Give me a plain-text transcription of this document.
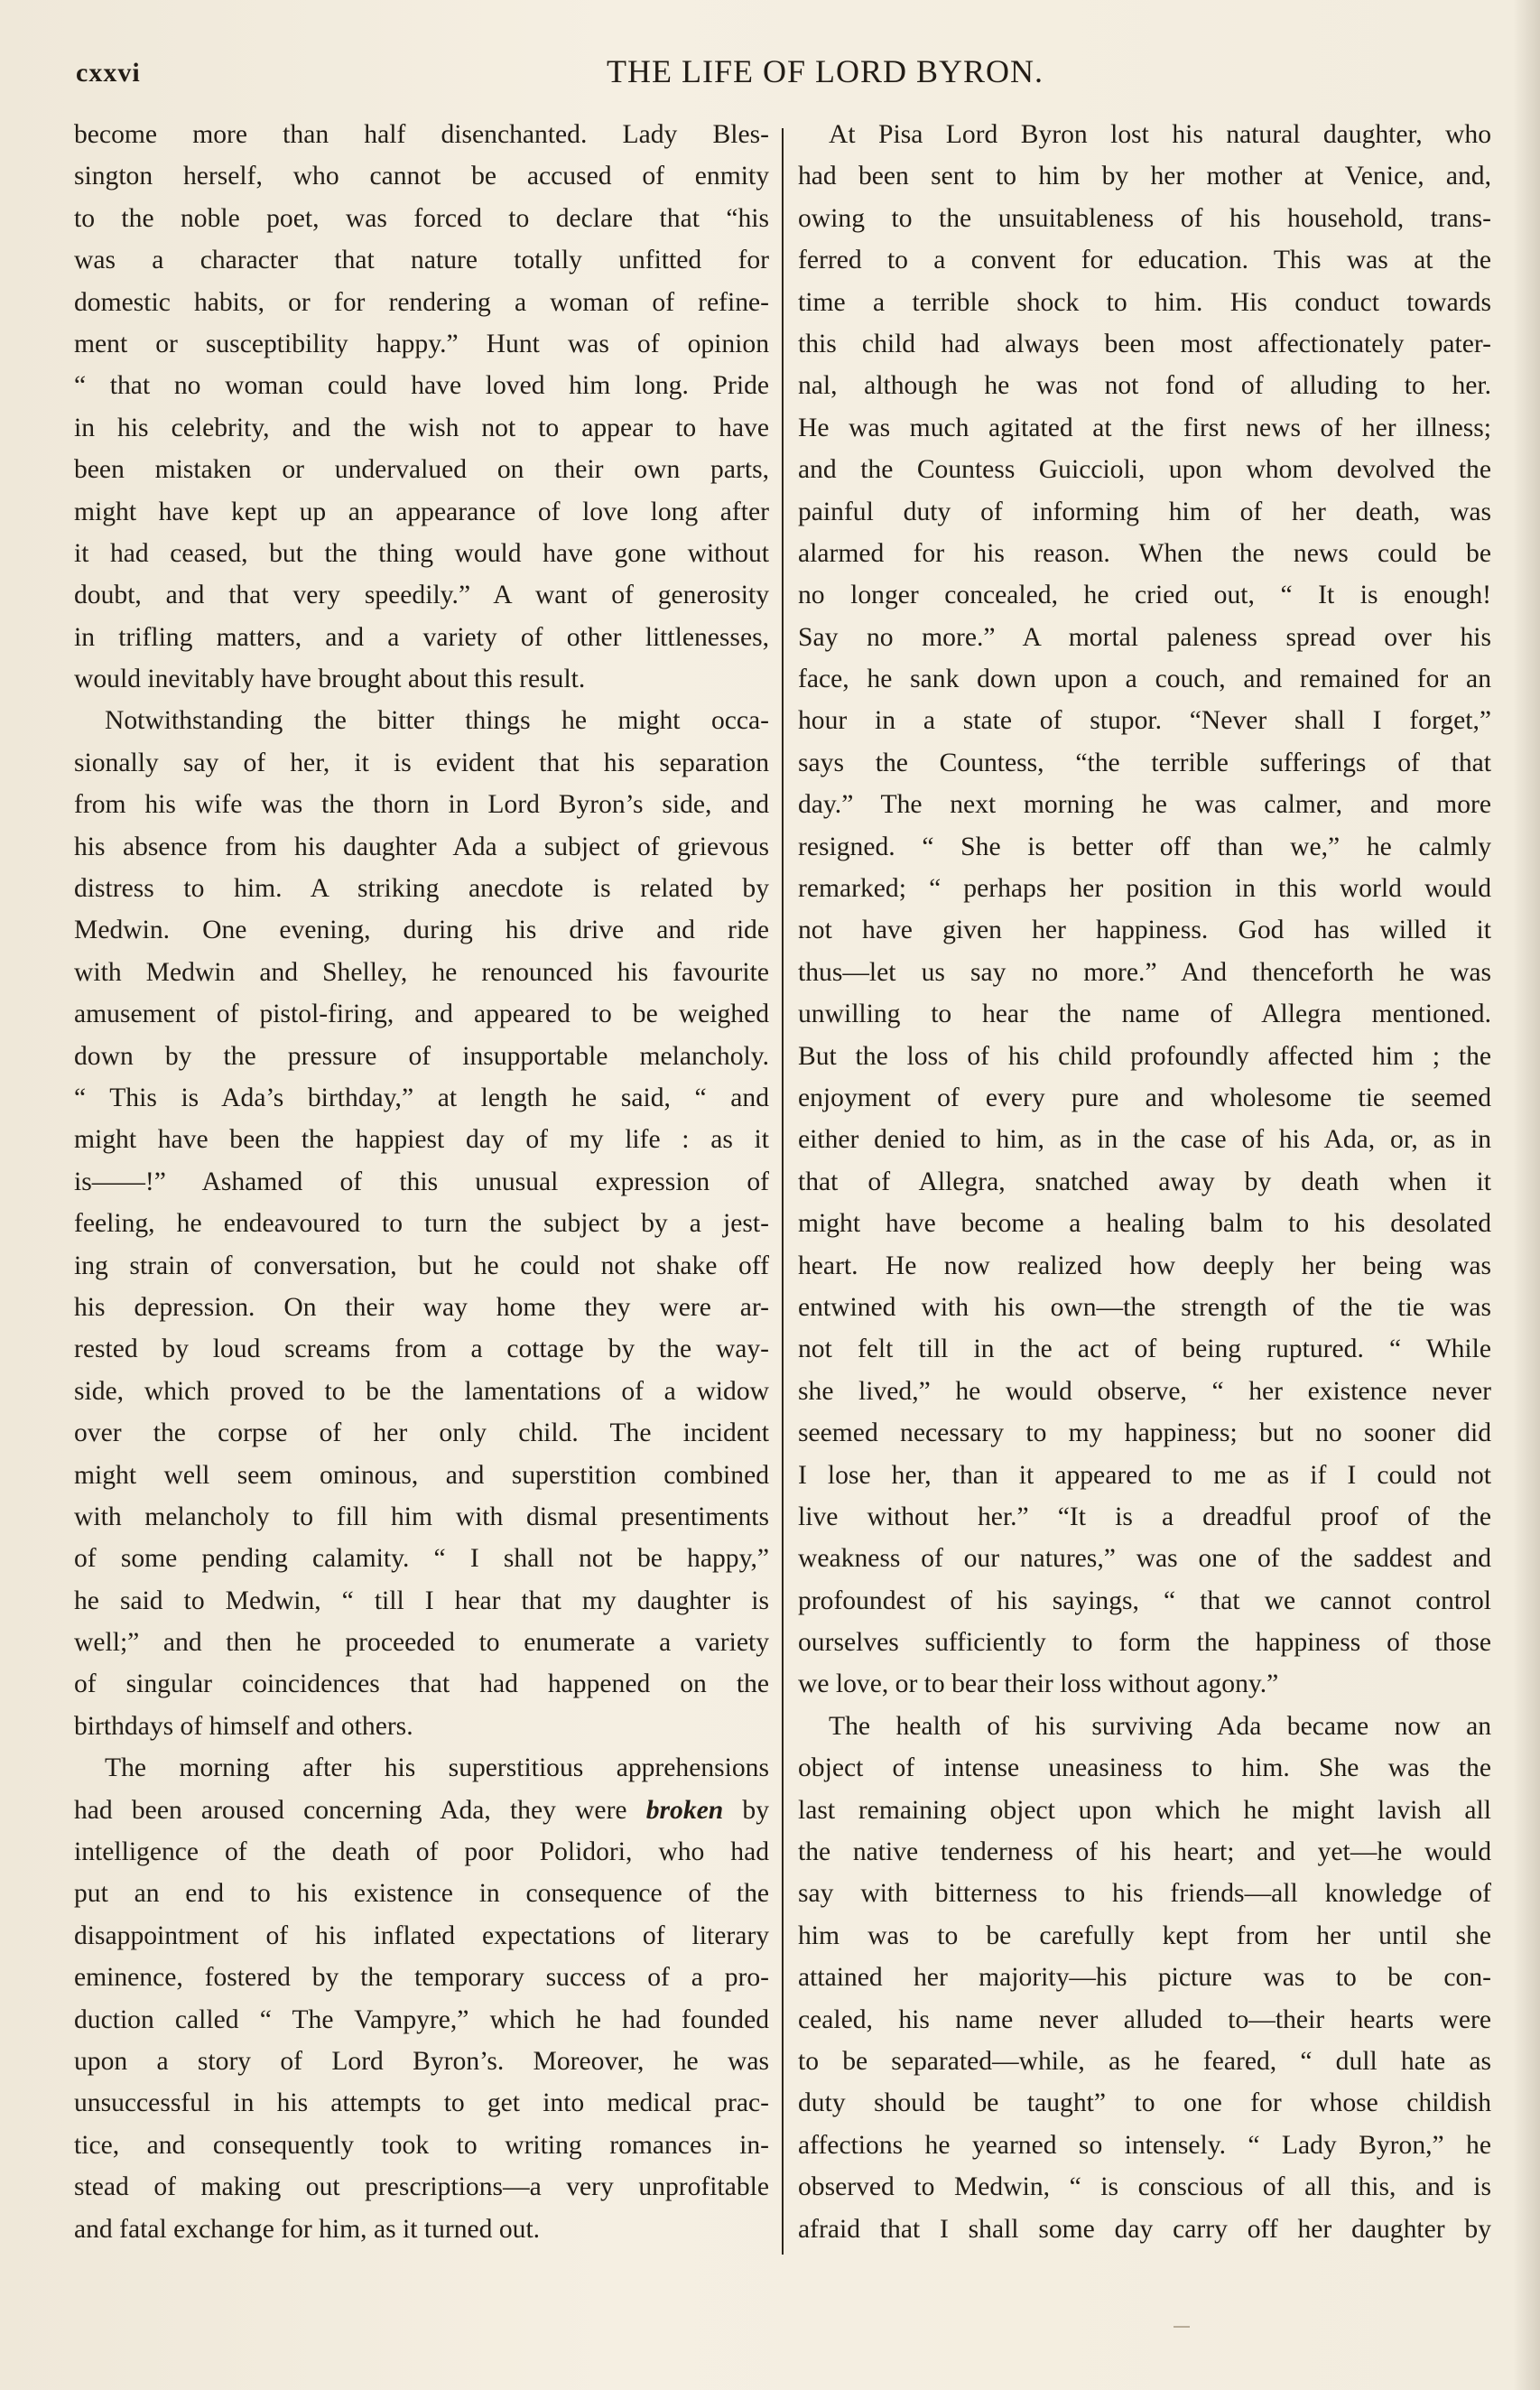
cxxvi	THE LIFE OF LORD BYRON.
become more than half disenchanted. Lady Bles-
sington herself, who cannot be accused of enmity
to the noble poet, was forced to declare that “his
was a character that nature totally unfitted for
domestic habits, or for rendering a woman of refine-
ment or susceptibility happy.” Hunt was of opinion
“ that no woman could have loved him long. Pride
in his celebrity, and the wish not to appear to have
been mistaken or undervalued on their own parts,
might have kept up an appearance of love long after
it had ceased, but the thing would have gone without
doubt, and that very speedily.” A want of generosity
in trifling matters, and a variety of other littlenesses,
would inevitably have brought about this result.
Notwithstanding the bitter things he might occa-
sionally say of her, it is evident that his separation
from his wife was the thorn in Lord Byron’s side, and
his absence from his daughter Ada a subject of grievous
distress to him. A striking anecdote is related by
Medwin. One evening, during his drive and ride
with Medwin and Shelley, he renounced his favourite
amusement of pistol-firing, and appeared to be weighed
down by the pressure of insupportable melancholy.
“ This is Ada’s birthday,” at length he said, “ and
might have been the happiest day of my life : as it
is——!” Ashamed of this unusual expression of
feeling, he endeavoured to turn the subject by a jest-
ing strain of conversation, but he could not shake off
his depression. On their way home they were ar-
rested by loud screams from a cottage by the way-
side, which proved to be the lamentations of a widow
over the corpse of her only child. The incident
might well seem ominous, and superstition combined
with melancholy to fill him with dismal presentiments
of some pending calamity. “ I shall not be happy,”
he said to Medwin, “ till I hear that my daughter is
well;” and then he proceeded to enumerate a variety
of singular coincidences that had happened on the
birthdays of himself and others.
The morning after his superstitious apprehensions
had been aroused concerning Ada, they were broken by
intelligence of the death of poor Polidori, who had
put an end to his existence in consequence of the
disappointment of his inflated expectations of literary
eminence, fostered by the temporary success of a pro-
duction called “ The Vampyre,” which he had founded
upon a story of Lord Byron’s. Moreover, he was
unsuccessful in his attempts to get into medical prac-
tice, and consequently took to writing romances in-
stead of making out prescriptions—a very unprofitable
and fatal exchange for him, as it turned out.
At Pisa Lord Byron lost his natural daughter, who
had been sent to him by her mother at Venice, and,
owing to the unsuitableness of his household, trans-
ferred to a convent for education. This was at the
time a terrible shock to him. His conduct towards
this child had always been most affectionately pater-
nal, although he was not fond of alluding to her.
He was much agitated at the first news of her illness;
and the Countess Guiccioli, upon whom devolved the
painful duty of informing him of her death, was
alarmed for his reason. When the news could be
no longer concealed, he cried out, “ It is enough!
Say no more.” A mortal paleness spread over his
face, he sank down upon a couch, and remained for an
hour in a state of stupor. “Never shall I forget,”
says the Countess, “the terrible sufferings of that
day.” The next morning he was calmer, and more
resigned. “ She is better off than we,” he calmly
remarked; “ perhaps her position in this world would
not have given her happiness. God has willed it
thus—let us say no more.” And thenceforth he was
unwilling to hear the name of Allegra mentioned.
But the loss of his child profoundly affected him ; the
enjoyment of every pure and wholesome tie seemed
either denied to him, as in the case of his Ada, or, as in
that of Allegra, snatched away by death when it
might have become a healing balm to his desolated
heart. He now realized how deeply her being was
entwined with his own—the strength of the tie was
not felt till in the act of being ruptured. “ While
she lived,” he would observe, “ her existence never
seemed necessary to my happiness; but no sooner did
I lose her, than it appeared to me as if I could not
live without her.” “It is a dreadful proof of the
weakness of our natures,” was one of the saddest and
profoundest of his sayings, “ that we cannot control
ourselves sufficiently to form the happiness of those
we love, or to bear their loss without agony.”
The health of his surviving Ada became now an
object of intense uneasiness to him. She was the
last remaining object upon which he might lavish all
the native tenderness of his heart; and yet—he would
say with bitterness to his friends—all knowledge of
him was to be carefully kept from her until she
attained her majority—his picture was to be con-
cealed, his name never alluded to—their hearts were
to be separated—while, as he feared, “ dull hate as
duty should be taught” to one for whose childish
affections he yearned so intensely. “ Lady Byron,” he
observed to Medwin, “ is conscious of all this, and is
afraid that I shall some day carry off her daughter by
